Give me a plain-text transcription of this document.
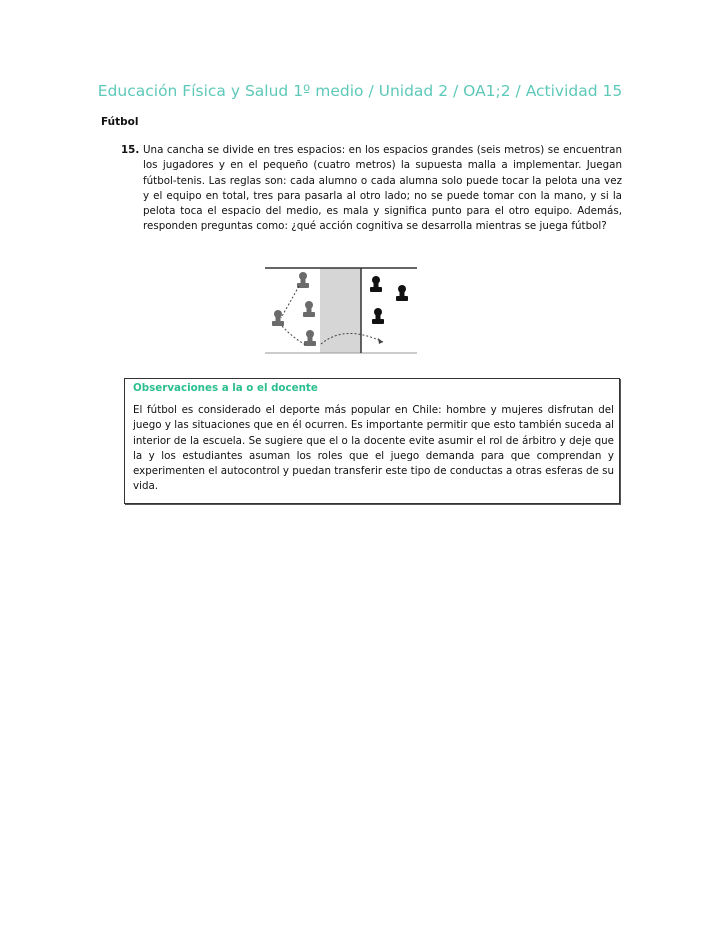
Educación Física y Salud 1º medio / Unidad 2 / OA1;2 / Actividad 15
Fútbol
15. Una cancha se divide en tres espacios: en los espacios grandes (seis metros) se encuentran los jugadores y en el pequeño (cuatro metros) la supuesta malla a implementar. Juegan fútbol-tenis. Las reglas son: cada alumno o cada alumna solo puede tocar la pelota una vez y el equipo en total, tres para pasarla al otro lado; no se puede tomar con la mano, y si la pelota toca el espacio del medio, es mala y significa punto para el otro equipo. Además, responden preguntas como: ¿qué acción cognitiva se desarrolla mientras se juega fútbol?
Observaciones a la o el docente
El fútbol es considerado el deporte más popular en Chile: hombre y mujeres disfrutan del juego y las situaciones que en él ocurren. Es importante permitir que esto también suceda al interior de la escuela. Se sugiere que el o la docente evite asumir el rol de árbitro y deje que la y los estudiantes asuman los roles que el juego demanda para que comprendan y experimenten el autocontrol y puedan transferir este tipo de conductas a otras esferas de su vida.
